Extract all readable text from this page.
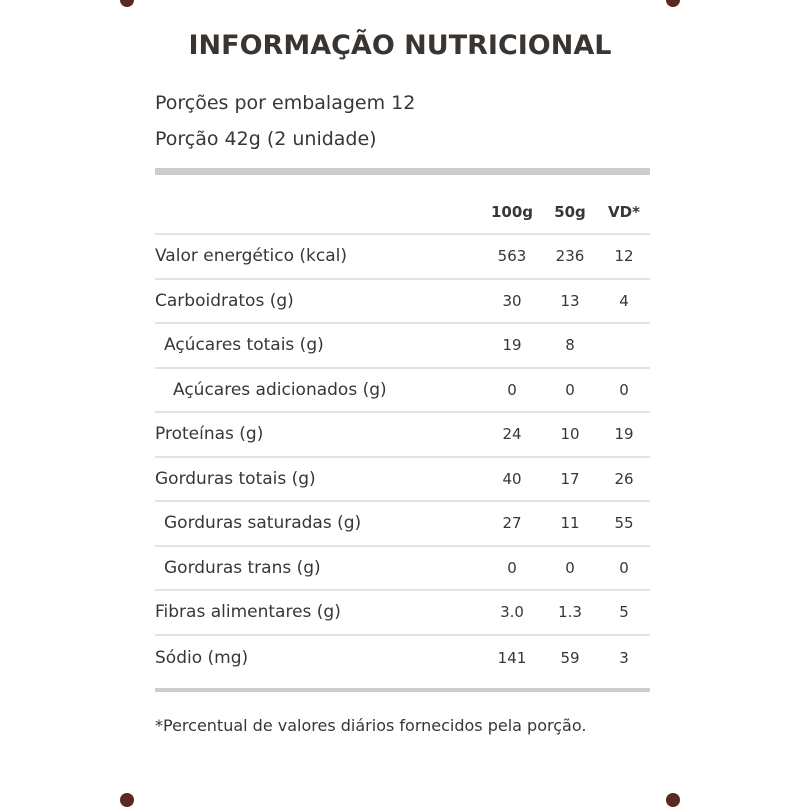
INFORMAÇÃO NUTRICIONAL
Porções por embalagem 12
Porção 42g (2 unidade)
100g	50g	VD*
Valor energético (kcal)	563	236	12
Carboidratos (g)	30	13	4
Açúcares totais (g)	19	8
Açúcares adicionados (g)	0	0	0
Proteínas (g)	24	10	19
Gorduras totais (g)	40	17	26
Gorduras saturadas (g)	27	11	55
Gorduras trans (g)	0	0	0
Fibras alimentares (g)	3.0	1.3	5
Sódio (mg)	141	59	3
*Percentual de valores diários fornecidos pela porção.
